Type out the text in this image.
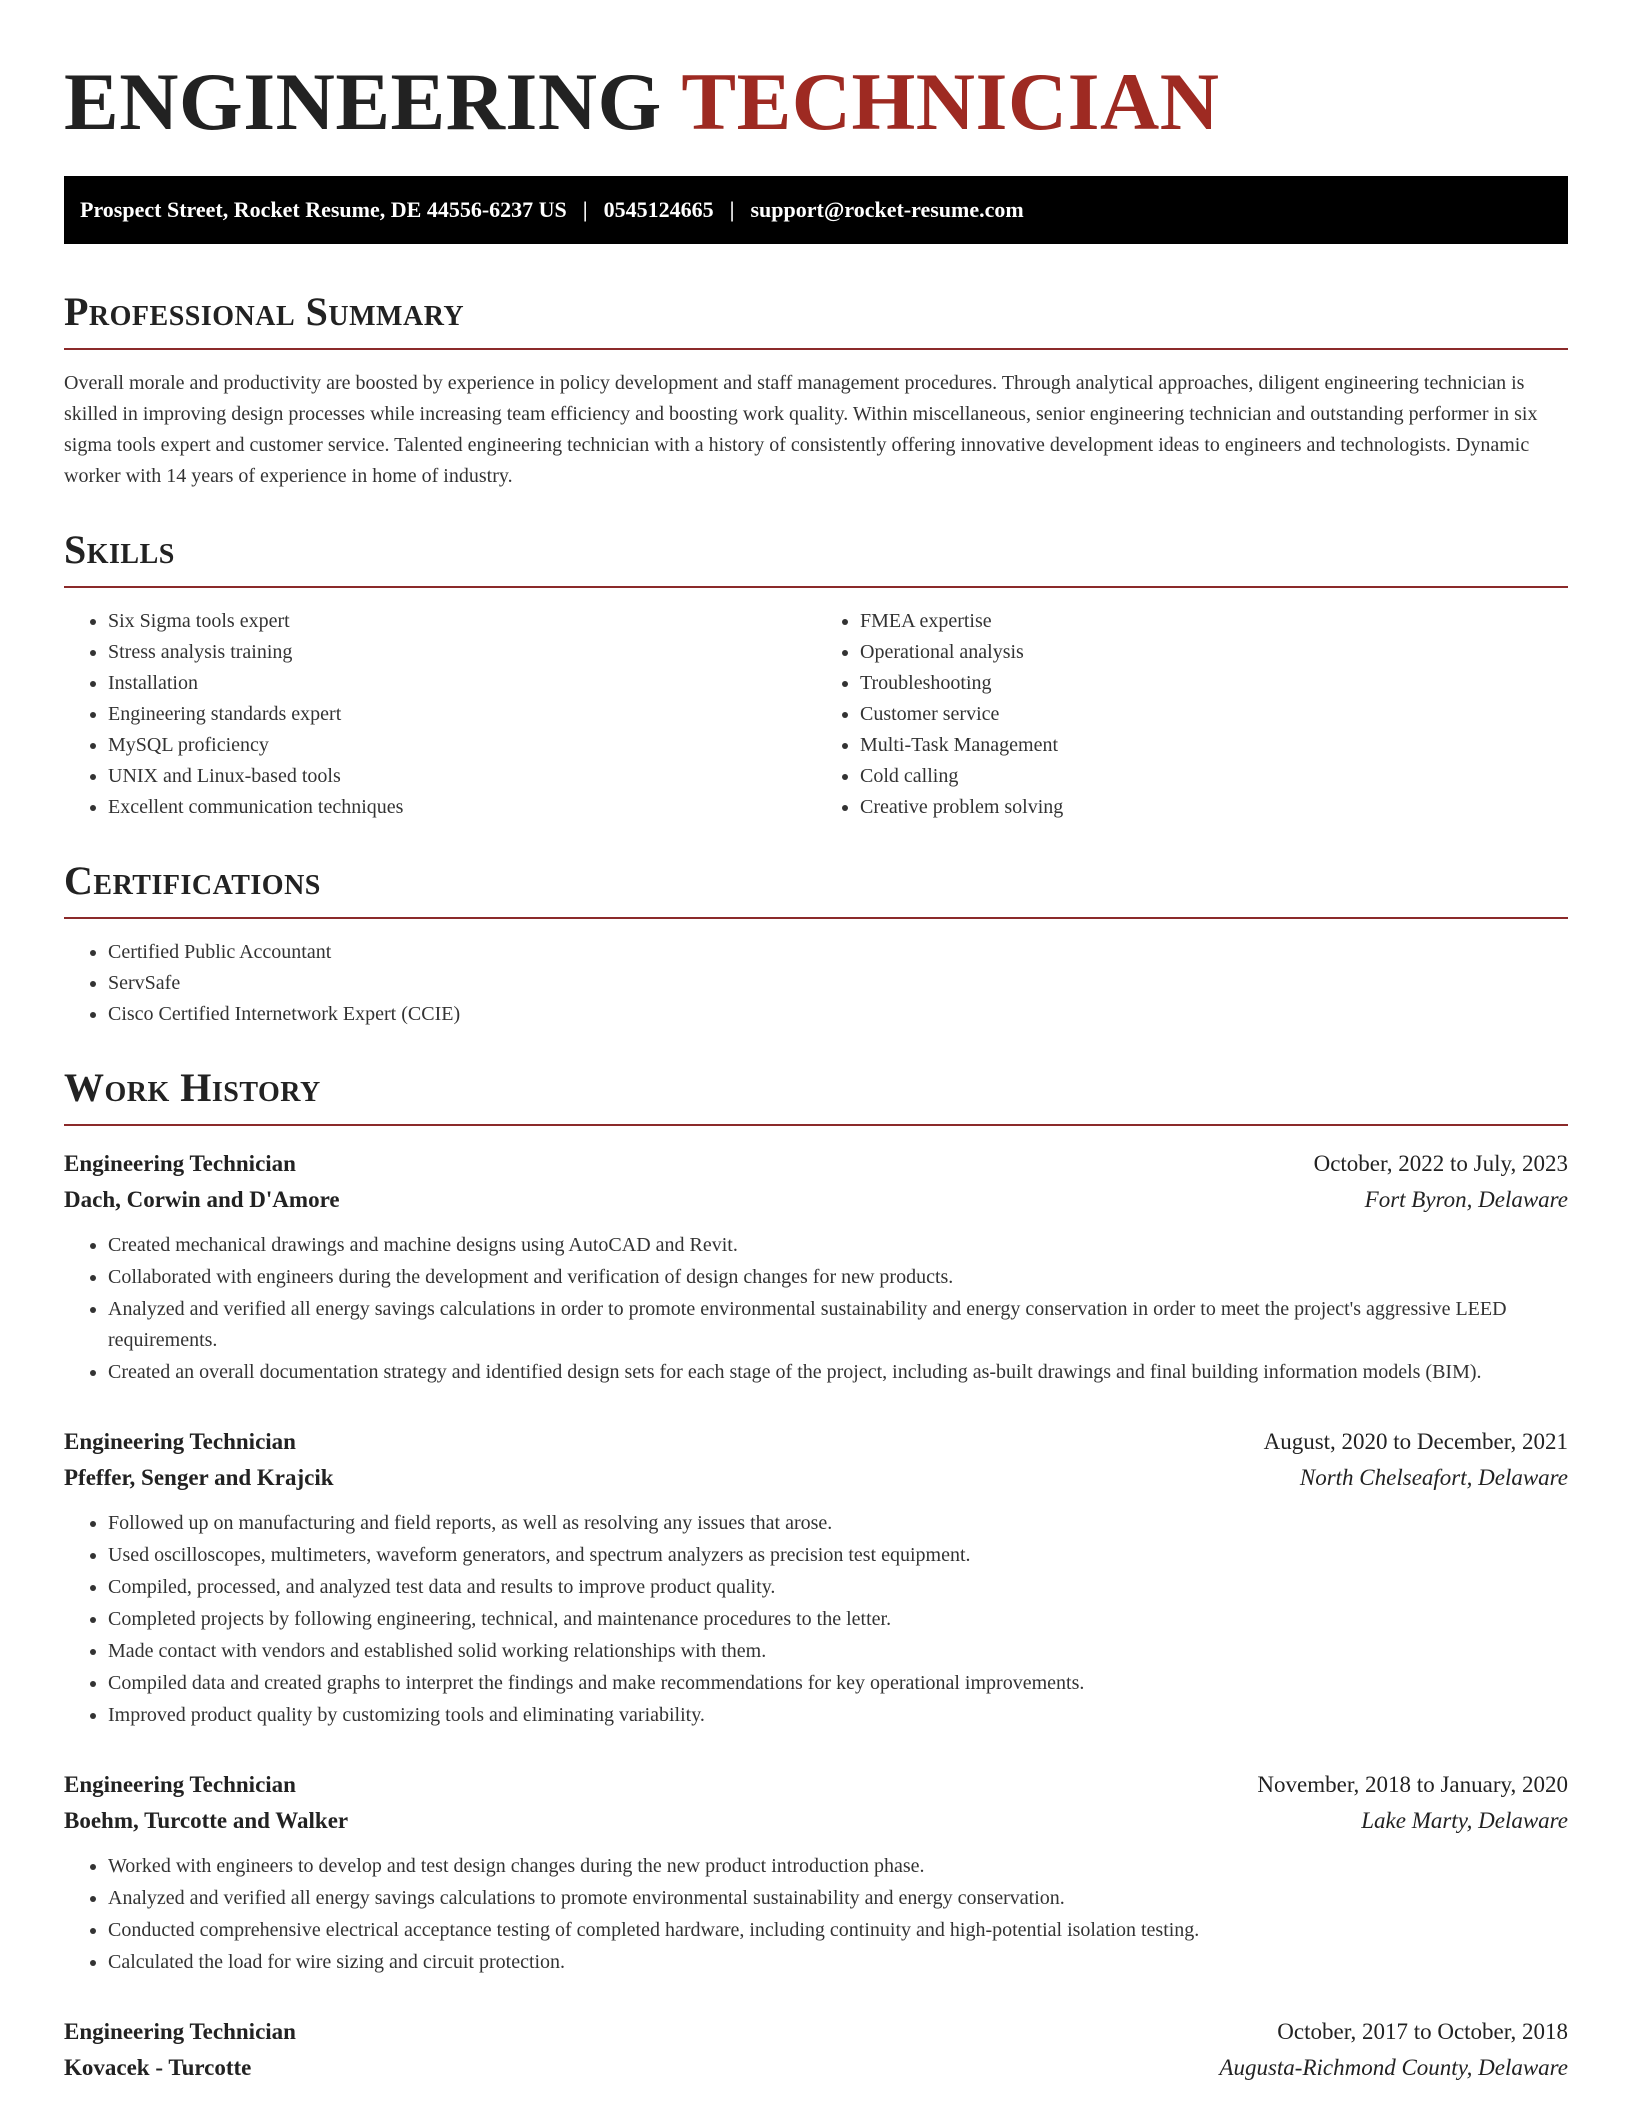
ENGINEERING TECHNICIAN
Prospect Street, Rocket Resume, DE 44556-6237 US | 0545124665 | support@rocket-resume.com
Professional Summary

Overall morale and productivity are boosted by experience in policy development and staff management procedures. Through analytical approaches, diligent engineering technician is skilled in improving design processes while increasing team efficiency and boosting work quality. Within miscellaneous, senior engineering technician and outstanding performer in six sigma tools expert and customer service. Talented engineering technician with a history of consistently offering innovative development ideas to engineers and technologists. Dynamic worker with 14 years of experience in home of industry.

Skills
• Six Sigma tools expert
• Stress analysis training
• Installation
• Engineering standards expert
• MySQL proficiency
• UNIX and Linux-based tools
• Excellent communication techniques
• FMEA expertise
• Operational analysis
• Troubleshooting
• Customer service
• Multi-Task Management
• Cold calling
• Creative problem solving
Certifications
• Certified Public Accountant
• ServSafe
• Cisco Certified Internetwork Expert (CCIE)
Work History
Engineering Technician	October, 2022 to July, 2023
Dach, Corwin and D'Amore	Fort Byron, Delaware
• Created mechanical drawings and machine designs using AutoCAD and Revit.
• Collaborated with engineers during the development and verification of design changes for new products.
• Analyzed and verified all energy savings calculations in order to promote environmental sustainability and energy conservation in order to meet the project's aggressive LEED requirements.
• Created an overall documentation strategy and identified design sets for each stage of the project, including as-built drawings and final building information models (BIM).
Engineering Technician	August, 2020 to December, 2021
Pfeffer, Senger and Krajcik	North Chelseafort, Delaware
• Followed up on manufacturing and field reports, as well as resolving any issues that arose.
• Used oscilloscopes, multimeters, waveform generators, and spectrum analyzers as precision test equipment.
• Compiled, processed, and analyzed test data and results to improve product quality.
• Completed projects by following engineering, technical, and maintenance procedures to the letter.
• Made contact with vendors and established solid working relationships with them.
• Compiled data and created graphs to interpret the findings and make recommendations for key operational improvements.
• Improved product quality by customizing tools and eliminating variability.
Engineering Technician	November, 2018 to January, 2020
Boehm, Turcotte and Walker	Lake Marty, Delaware
• Worked with engineers to develop and test design changes during the new product introduction phase.
• Analyzed and verified all energy savings calculations to promote environmental sustainability and energy conservation.
• Conducted comprehensive electrical acceptance testing of completed hardware, including continuity and high-potential isolation testing.
• Calculated the load for wire sizing and circuit protection.
Engineering Technician	October, 2017 to October, 2018
Kovacek - Turcotte	Augusta-Richmond County, Delaware
